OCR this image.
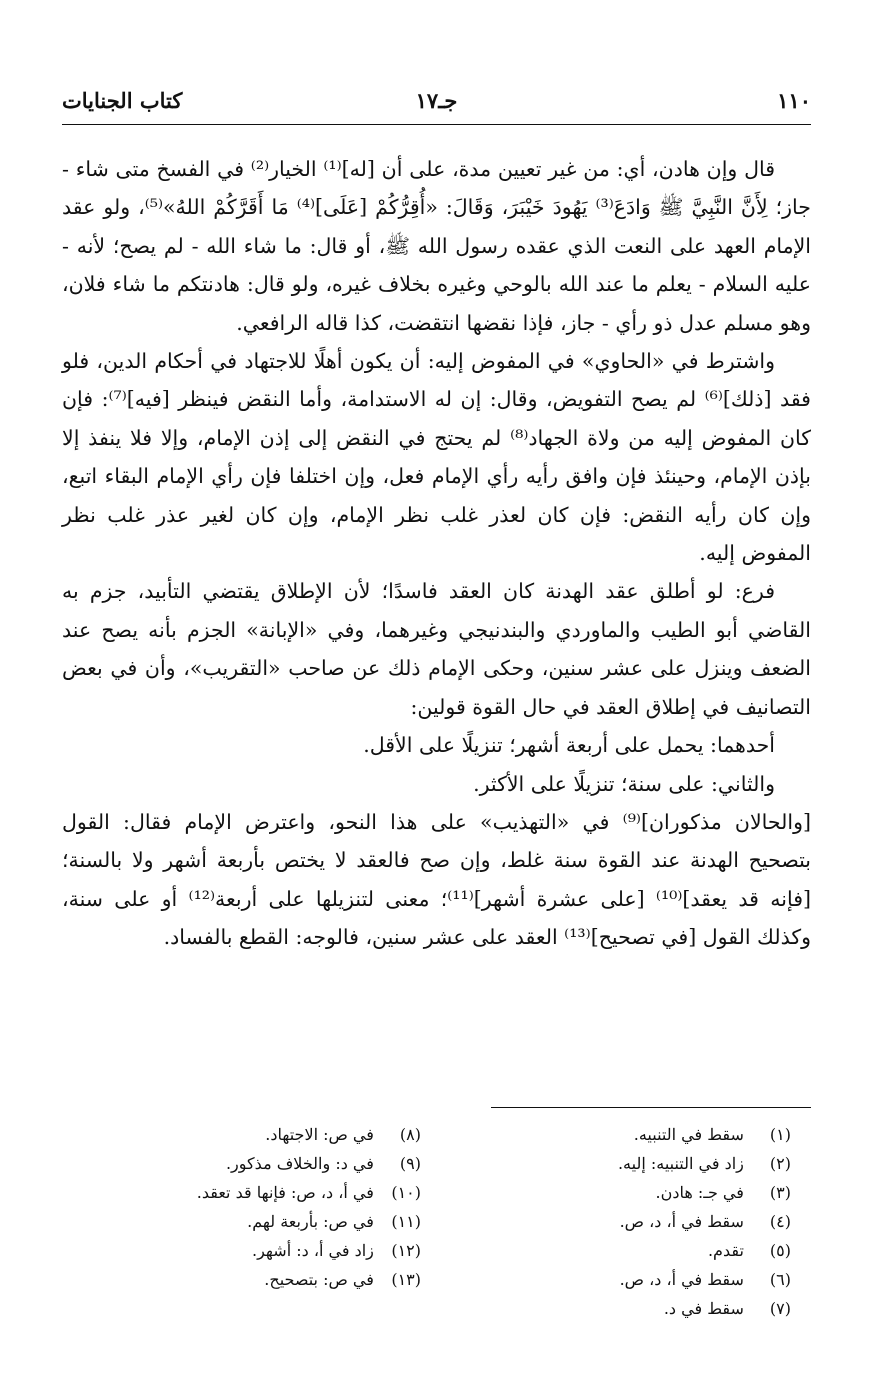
١١٠
جـ١٧
كتاب الجنايات

قال وإن هادن، أي: من غير تعيين مدة، على أن [له]⁽¹⁾ الخيار⁽²⁾ في الفسخ متى شاء - جاز؛ لِأَنَّ النَّبِيَّ ﷺ وَادَعَ⁽³⁾ يَهُودَ خَيْبَرَ، وَقَالَ: «أُقِرُّكُمْ [عَلَى]⁽⁴⁾ مَا أَقَرَّكُمْ اللهُ»⁽⁵⁾، ولو عقد الإمام العهد على النعت الذي عقده رسول الله ﷺ، أو قال: ما شاء الله - لم يصح؛ لأنه - عليه السلام - يعلم ما عند الله بالوحي وغيره بخلاف غيره، ولو قال: هادنتكم ما شاء فلان، وهو مسلم عدل ذو رأي - جاز، فإذا نقضها انتقضت، كذا قاله الرافعي.

واشترط في «الحاوي» في المفوض إليه: أن يكون أهلًا للاجتهاد في أحكام الدين، فلو فقد [ذلك]⁽⁶⁾ لم يصح التفويض، وقال: إن له الاستدامة، وأما النقض فينظر [فيه]⁽⁷⁾: فإن كان المفوض إليه من ولاة الجهاد⁽⁸⁾ لم يحتج في النقض إلى إذن الإمام، وإلا فلا ينفذ إلا بإذن الإمام، وحينئذ فإن وافق رأيه رأي الإمام فعل، وإن اختلفا فإن رأي الإمام البقاء اتبع، وإن كان رأيه النقض: فإن كان لعذر غلب نظر الإمام، وإن كان لغير عذر غلب نظر المفوض إليه.

فرع: لو أطلق عقد الهدنة كان العقد فاسدًا؛ لأن الإطلاق يقتضي التأبيد، جزم به القاضي أبو الطيب والماوردي والبندنيجي وغيرهما، وفي «الإبانة» الجزم بأنه يصح عند الضعف وينزل على عشر سنين، وحكى الإمام ذلك عن صاحب «التقريب»، وأن في بعض التصانيف في إطلاق العقد في حال القوة قولين:

أحدهما: يحمل على أربعة أشهر؛ تنزيلًا على الأقل.

والثاني: على سنة؛ تنزيلًا على الأكثر.

[والحالان مذكوران]⁽⁹⁾ في «التهذيب» على هذا النحو، واعترض الإمام فقال: القول بتصحيح الهدنة عند القوة سنة غلط، وإن صح فالعقد لا يختص بأربعة أشهر ولا بالسنة؛ [فإنه قد يعقد]⁽¹⁰⁾ [على عشرة أشهر]⁽¹¹⁾؛ معنى لتنزيلها على أربعة⁽¹²⁾ أو على سنة، وكذلك القول [في تصحيح]⁽¹³⁾ العقد على عشر سنين، فالوجه: القطع بالفساد.

(١) سقط في التنبيه.
(٢) زاد في التنبيه: إليه.
(٣) في جـ: هادن.
(٤) سقط في أ، د، ص.
(٥) تقدم.
(٦) سقط في أ، د، ص.
(٧) سقط في د.
(٨) في ص: الاجتهاد.
(٩) في د: والخلاف مذكور.
(١٠) في أ، د، ص: فإنها قد تعقد.
(١١) في ص: بأربعة لهم.
(١٢) زاد في أ، د: أشهر.
(١٣) في ص: بتصحيح.
